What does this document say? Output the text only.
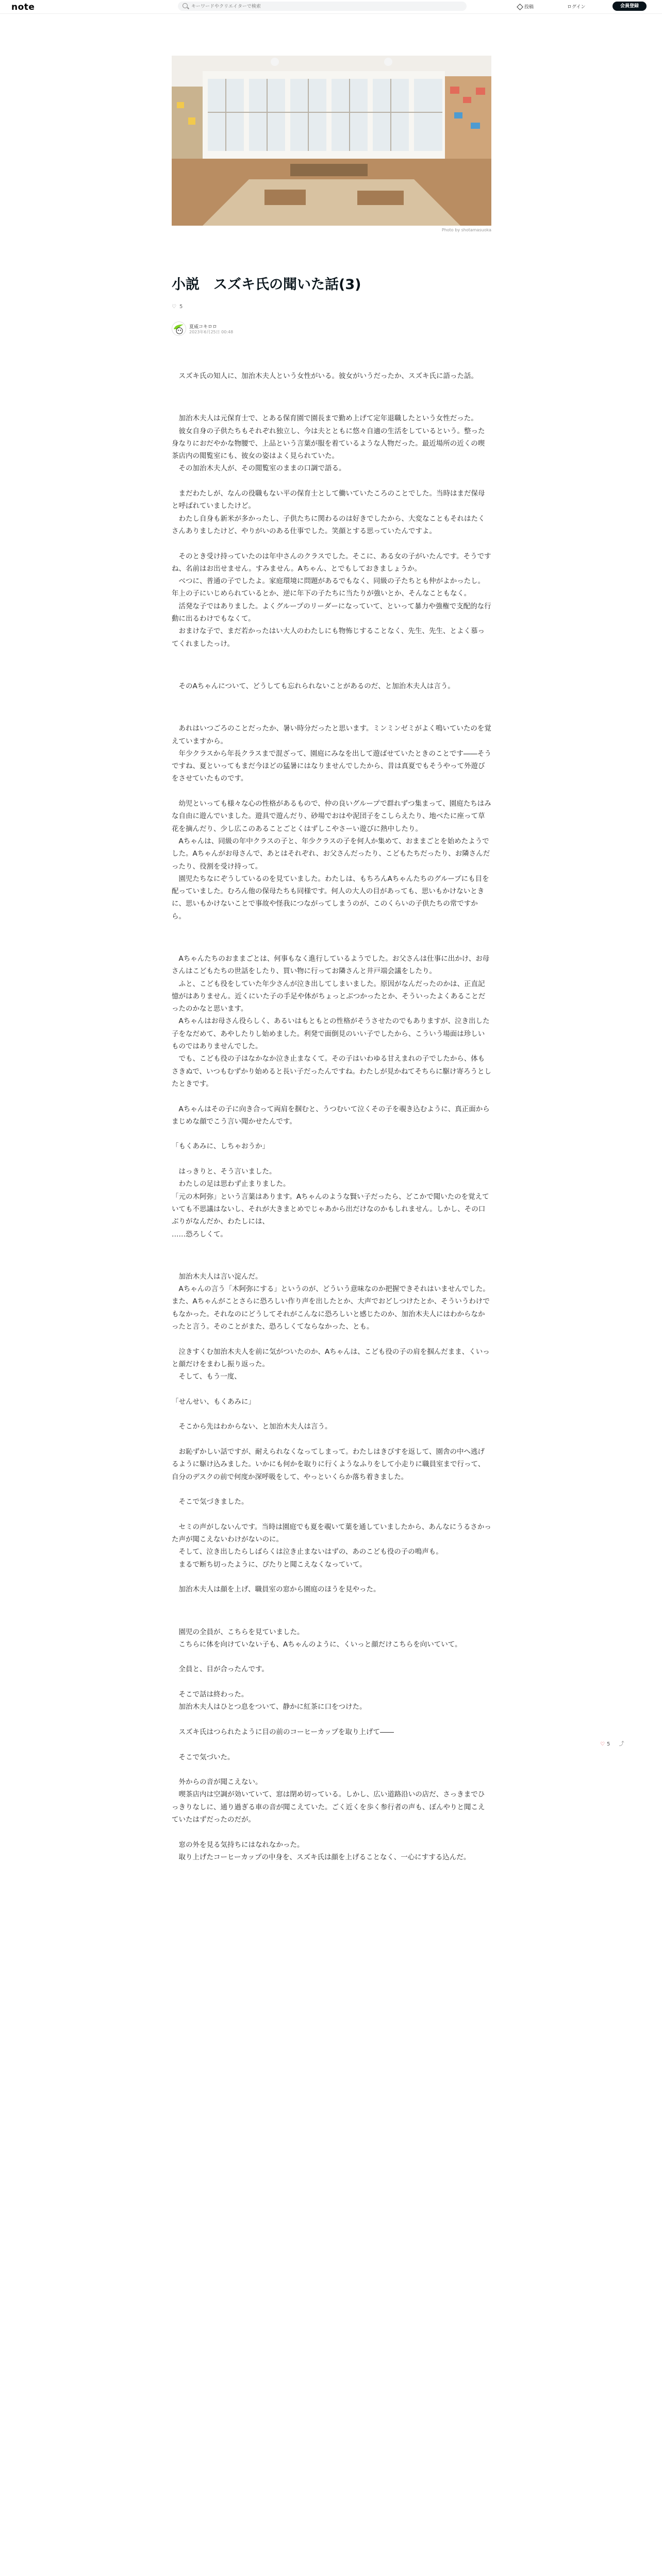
note
キーワードやクリエイターで検索	投稿	ログイン	会員登録
Photo by shotamasuoka
小説　スズキ氏の聞いた話(3)
♡ 5
夏威コキロロ
2023年6月25日 00:48

　スズキ氏の知人に、加治木夫人という女性がいる。彼女がいうだったか、スズキ氏に語った話。

　加治木夫人は元保育士で、とある保育園で園長まで勤め上げて定年退職したという女性だった。
　彼女自身の子供たちもそれぞれ独立し、今は夫とともに悠々自適の生活をしているという。整った身なりにおだやかな物腰で、上品という言葉が服を着ているような人物だった。最近場所の近くの喫茶店内の閲覧室にも、彼女の姿はよく見られていた。
　その加治木夫人が、その閲覧室のままの口調で語る。

　まだわたしが、なんの役職もない平の保育士として働いていたころのことでした。当時はまだ保母と呼ばれていましたけど。
　わたし自身も新米が多かったし、子供たちに関わるのは好きでしたから、大変なこともそれはたくさんありましたけど、やりがいのある仕事でした。笑顔とする思っていたんですよ。

　そのとき受け持っていたのは年中さんのクラスでした。そこに、ある女の子がいたんです。そうですね、名前はお出せません。すみません。Aちゃん、とでもしておきましょうか。
　べつに、普通の子でしたよ。家庭環境に問題があるでもなく、同級の子たちとも仲がよかったし。年上の子にいじめられているとか、逆に年下の子たちに当たりが強いとか、そんなこともなく。
　活発な子ではありました。よくグループのリーダーになっていて、といって暴力や強権で支配的な行動に出るわけでもなくて。
　おまけな子で、まだ若かったはい大人のわたしにも物怖じすることなく、先生、先生、とよく慕ってくれましたっけ。

　そのAちゃんについて、どうしても忘れられないことがあるのだ、と加治木夫人は言う。

　あれはいつごろのことだったか、暑い時分だったと思います。ミンミンゼミがよく鳴いていたのを覚えていますから。
　年少クラスから年長クラスまで混ざって、園庭にみなを出して遊ばせていたときのことです――そうですね、夏といってもまだ今ほどの猛暑にはなりませんでしたから、昔は真夏でもそうやって外遊びをさせていたものです。

　幼児といっても様々な心の性格があるもので、仲の良いグループで群れずつ集まって、園庭たちはみな自由に遊んでいました。遊具で遊んだり、砂場でおはや泥団子をこしらえたり、地べたに座って草花を摘んだり、少し広このあることごとくはずしこやさーい遊びに熱中したり。
　Aちゃんは、同級の年中クラスの子と、年少クラスの子を何人か集めて、おままごとを始めたようでした。Aちゃんがお母さんで、あとはそれぞれ、お父さんだったり、こどもたちだったり、お隣さんだったり、役割を受け持って。
　園児たちなにぞうしているのを見ていました。わたしは、もちろんAちゃんたちのグループにも目を配っていました。むろん他の保母たちも同様です。何人の大人の目があっても、思いもかけないときに、思いもかけないことで事故や怪我につながってしまうのが、このくらいの子供たちの常ですから。

　Aちゃんたちのおままごとは、何事もなく進行しているようでした。お父さんは仕事に出かけ、お母さんはこどもたちの世話をしたり、買い物に行ってお隣さんと井戸端会議をしたり。
　ふと、こども役をしていた年少さんが泣き出してしまいました。原因がなんだったのかは、正直記憶がはありません。近くにいた子の手足や体がちょっとぶつかったとか、そういったよくあることだったのかなと思います。
　Aちゃんはお母さん役らしく、あるいはもともとの性格がそうさせたのでもありますが、泣き出した子をなだめて、あやしたりし始めました。利発で面倒見のいい子でしたから、こういう場面は珍しいものではありませんでした。
　でも、こども役の子はなかなか泣き止まなくて。その子はいわゆる甘えまれの子でしたから、体もさきぬで、いつもむずかり始めると長い子だったんですね。わたしが見かねてそちらに駆け寄ろうとしたときです。

　Aちゃんはその子に向き合って両肩を掴むと、うつむいて泣くその子を覗き込むように、真正面からまじめな顔でこう言い聞かせたんです。

「もくあみに、しちゃおうか」

　はっきりと、そう言いました。
　わたしの足は思わず止まりました。
「元の木阿弥」という言葉はあります。Aちゃんのような賢い子だったら、どこかで聞いたのを覚えていても不思議はないし、それが大きまとめでじゃあから出だけなのかもしれません。しかし、その口ぶりがなんだか、わたしには、
……恐ろしくて。

　加治木夫人は言い淀んだ。
　Aちゃんの言う「木阿弥にする」というのが、どういう意味なのか把握できそれはいませんでした。また、Aちゃんがことさらに恐ろしい作り声を出したとか、大声でおどしつけたとか、そういうわけでもなかった。それなのにどうしてそれがこんなに恐ろしいと感じたのか、加治木夫人にはわからなかったと言う。そのことがまた、恐ろしくてならなかった、とも。

　泣きすくむ加治木夫人を前に気がついたのか、Aちゃんは、こども役の子の肩を掴んだまま、くいっと顔だけをまわし振り返った。
　そして、もう一度、

「せんせい、もくあみに」

　そこから先はわからない、と加治木夫人は言う。

　お恥ずかしい話ですが、耐えられなくなってしまって。わたしはきびすを返して、園舎の中へ逃げるように駆け込みました。いかにも何かを取りに行くようなふりをして小走りに職員室まで行って、自分のデスクの前で何度か深呼吸をして、やっといくらか落ち着きました。

　そこで気づきました。

　セミの声がしないんです。当時は園庭でも夏を覗いて葉を通していましたから、あんなにうるさかった声が聞こえないわけがないのに。
　そして、泣き出したらしばらくは泣き止まないはずの、あのこども役の子の鳴声も。
　まるで断ち切ったように、ぴたりと聞こえなくなっていて。

　加治木夫人は顔を上げ、職員室の窓から園庭のほうを見やった。

　園児の全員が、こちらを見ていました。
　こちらに体を向けていない子も、Aちゃんのように、くいっと顔だけこちらを向いていて。

　全員と、目が合ったんです。

　そこで話は終わった。
　加治木夫人はひとつ息をついて、静かに紅茶に口をつけた。

　スズキ氏はつられたように目の前のコーヒーカップを取り上げて――

　そこで気づいた。

　外からの音が聞こえない。
　喫茶店内は空調が効いていて、窓は閉め切っている。しかし、広い道路沿いの店だ、さっきまでひっきりなしに、通り過ぎる車の音が聞こえていた。ごく近くを歩く参行者の声も、ぼんやりと聞こえていたはずだったのだが。

　窓の外を見る気持ちにはなれなかった。
　取り上げたコーヒーカップの中身を、スズキ氏は顔を上げることなく、一心にすする込んだ。

♡ 5 ⤴
